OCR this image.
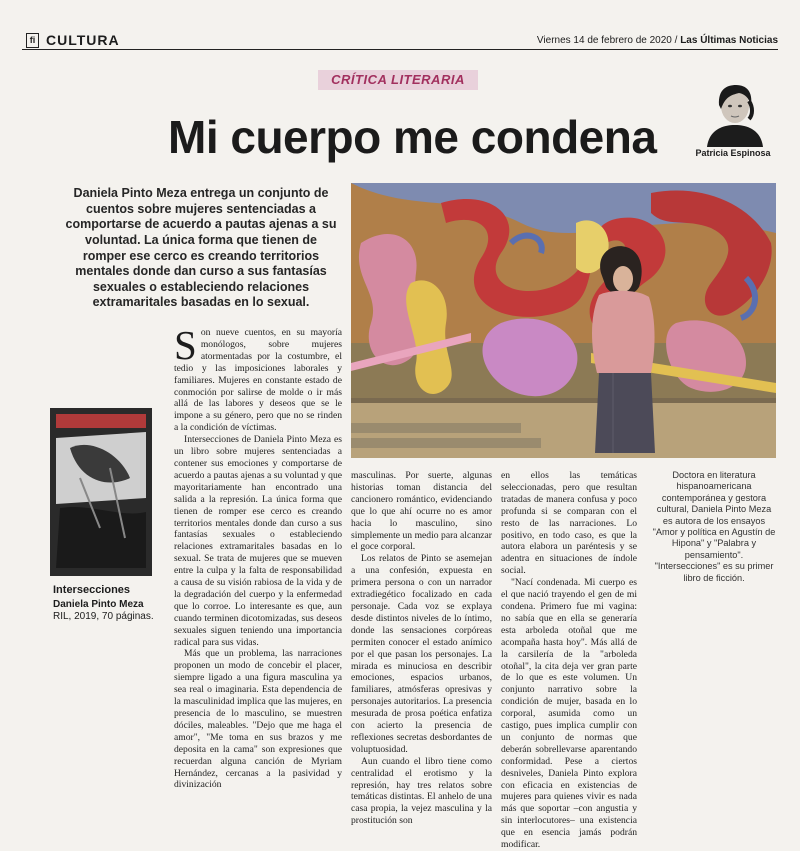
fi CULTURA	Viernes 14 de febrero de 2020 / Las Últimas Noticias
CRÍTICA LITERARIA
Patricia Espinosa
Mi cuerpo me condena
Daniela Pinto Meza entrega un conjunto de cuentos sobre mujeres sentenciadas a comportarse de acuerdo a pautas ajenas a su voluntad. La única forma que tienen de romper ese cerco es creando territorios mentales donde dan curso a sus fantasías sexuales o estableciendo relaciones extramaritales basadas en lo sexual.
Intersecciones
Daniela Pinto Meza
RIL, 2019, 70 páginas.

Son nueve cuentos, en su mayoría monólogos, sobre mujeres atormentadas por la costumbre, el tedio y las imposiciones laborales y familiares. Mujeres en constante estado de conmoción por salirse de molde o ir más allá de las labores y deseos que se le impone a su género, pero que no se rinden a la condición de víctimas.

Intersecciones de Daniela Pinto Meza es un libro sobre mujeres sentenciadas a contener sus emociones y comportarse de acuerdo a pautas ajenas a su voluntad y que mayoritariamente han encontrado una salida a la represión. La única forma que tienen de romper ese cerco es creando territorios mentales donde dan curso a sus fantasías sexuales o estableciendo relaciones extramaritales basadas en lo sexual. Se trata de mujeres que se mueven entre la culpa y la falta de responsabilidad a causa de su visión rabiosa de la vida y de la degradación del cuerpo y la enfermedad que lo corroe. Lo interesante es que, aun cuando terminen dicotomizadas, sus deseos sexuales siguen teniendo una importancia radical para sus vidas.

Más que un problema, las narraciones proponen un modo de concebir el placer, siempre ligado a una figura masculina ya sea real o imaginaria. Esta dependencia de la masculinidad implica que las mujeres, en presencia de lo masculino, se muestren dóciles, maleables. "Dejo que me haga el amor", "Me toma en sus brazos y me deposita en la cama" son expresiones que recuerdan alguna canción de Myriam Hernández, cercanas a la pasividad y divinización

masculinas. Por suerte, algunas historias toman distancia del cancionero romántico, evidenciando que lo que ahí ocurre no es amor hacia lo masculino, sino simplemente un medio para alcanzar el goce corporal.

Los relatos de Pinto se asemejan a una confesión, expuesta en primera persona o con un narrador extradiegético focalizado en cada personaje. Cada voz se explaya desde distintos niveles de lo íntimo, donde las sensaciones corpóreas permiten conocer el estado anímico por el que pasan los personajes. La mirada es minuciosa en describir emociones, espacios urbanos, familiares, atmósferas opresivas y personajes autoritarios. La presencia mesurada de prosa poética enfatiza con acierto la presencia de reflexiones secretas desbordantes de voluptuosidad.

Aun cuando el libro tiene como centralidad el erotismo y la represión, hay tres relatos sobre temáticas distintas. El anhelo de una casa propia, la vejez masculina y la prostitución son

en ellos las temáticas seleccionadas, pero que resultan tratadas de manera confusa y poco profunda si se comparan con el resto de las narraciones. Lo positivo, en todo caso, es que la autora elabora un paréntesis y se adentra en situaciones de índole social.

"Nací condenada. Mi cuerpo es el que nació trayendo el gen de mi condena. Primero fue mi vagina: no sabía que en ella se generaría esta arboleda otoñal que me acompaña hasta hoy". Más allá de la carsilería de la "arboleda otoñal", la cita deja ver gran parte de lo que es este volumen. Un conjunto narrativo sobre la condición de mujer, basada en lo corporal, asumida como un castigo, pues implica cumplir con un conjunto de normas que deberán sobrellevarse aparentando conformidad. Pese a ciertos desniveles, Daniela Pinto explora con eficacia en existencias de mujeres para quienes vivir es nada más que soportar –con angustia y sin interlocutores– una existencia que en esencia jamás podrán modificar.

Doctora en literatura hispanoamericana contemporánea y gestora cultural, Daniela Pinto Meza es autora de los ensayos "Amor y política en Agustín de Hipona" y "Palabra y pensamiento". "Intersecciones" es su primer libro de ficción.
